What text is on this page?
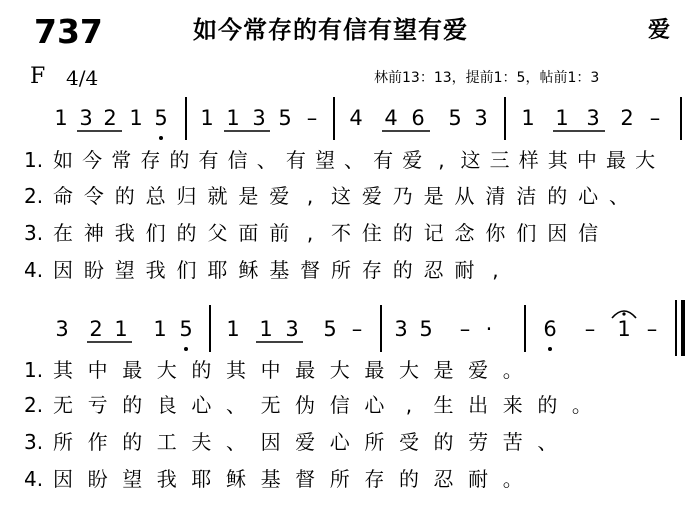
737	如今常存的有信有望有爱	爱
F 4/4	林前13：13，提前1：5，帖前1：3
1 3 2 1 5 1 1 3 5 –	4 4 6 5 3 1 1 3 2 –
1. 如 今 常 存 的 有 信 、 有 望 、 有 爱 , 这 三 样 其 中 最 大
2. 命 令 的 总 归 就 是 爱 , 这 爱 乃 是 从 清 洁 的 心 、
3. 在 神 我 们 的 父 面 前 , 不 住 的 记 念 你 们 因 信
4. 因 盼 望 我 们 耶 稣 基 督 所 存 的 忍 耐 ,
3 2 1 1 5 1 1 3 5 –	3 5	– ·	6	–	1 –
1. 其 中 最 大 的 其 中 最 大 最 大 是 爱 。
2. 无 亏 的 良 心 、 无 伪 信 心	,	生 出 来 的 。
3. 所 作 的 工 夫 、 因 爱 心 所 受 的 劳 苦 、
4. 因 盼 望 我 耶 稣 基 督 所 存 的 忍 耐 。
